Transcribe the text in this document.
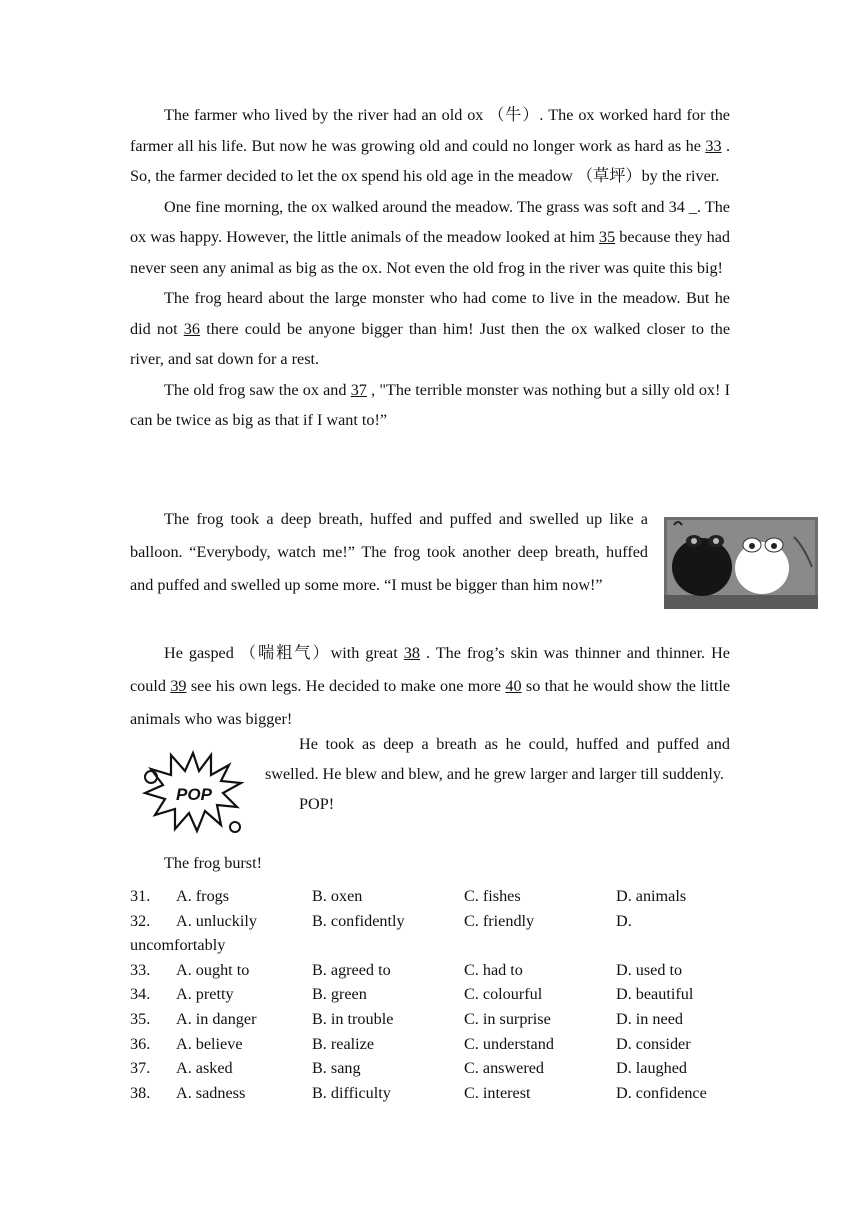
The farmer who lived by the river had an old ox （牛）. The ox worked hard for the farmer all his life. But now he was growing old and could no longer work as hard as he 33 . So, the farmer decided to let the ox spend his old age in the meadow （草坪）by the river.

One fine morning, the ox walked around the meadow. The grass was soft and 34 _. The ox was happy. However, the little animals of the meadow looked at him 35 because they had never seen any animal as big as the ox. Not even the old frog in the river was quite this big!

The frog heard about the large monster who had come to live in the meadow. But he did not 36 there could be anyone bigger than him! Just then the ox walked closer to the river, and sat down for a rest.

The old frog saw the ox and 37 , "The terrible monster was nothing but a silly old ox! I can be twice as big as that if I want to!”

The frog took a deep breath, huffed and puffed and swelled up like a balloon. “Everybody, watch me!” The frog took another deep breath, huffed and puffed and swelled up some more. “I must be bigger than him now!”

He gasped （喘粗气）with great 38 . The frog’s skin was thinner and thinner. He could 39 see his own legs. He decided to make one more 40 so that he would show the little animals who was bigger!

POP

He took as deep a breath as he could, huffed and puffed and swelled. He blew and blew, and he grew larger and larger till suddenly.

POP!

The frog burst!

31. A. frogs	B. oxen	C. fishes	D. animals
32. A. unluckily	B. confidently	C. friendly	D.
uncomfortably
33. A. ought to	B. agreed to	C. had to	D. used to
34. A. pretty	B. green	C. colourful	D. beautiful
35. A. in danger	B. in trouble	C. in surprise	D. in need
36. A. believe	B. realize	C. understand	D. consider
37. A. asked	B. sang	C. answered	D. laughed
38. A. sadness	B. difficulty	C. interest	D. confidence
